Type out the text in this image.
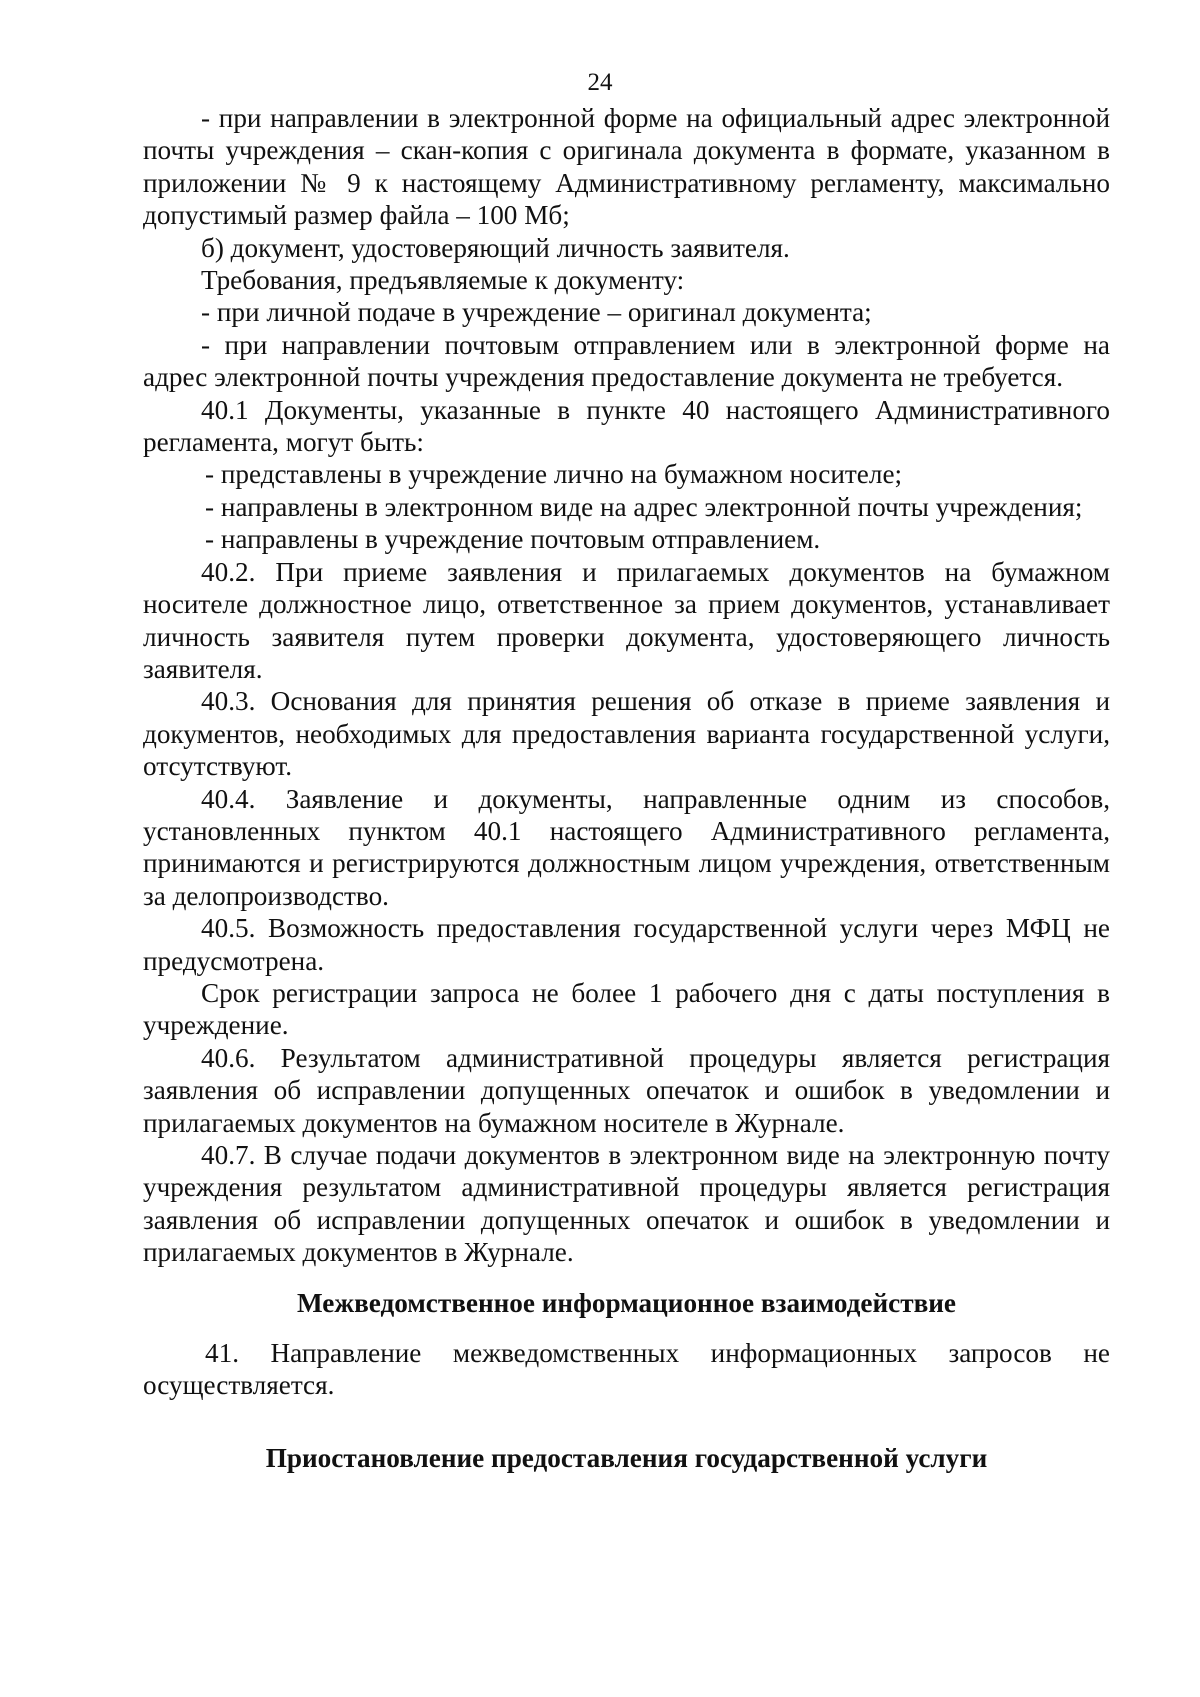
24

- при направлении в электронной форме на официальный адрес электронной почты учреждения – скан-копия с оригинала документа в формате, указанном в приложении № 9 к настоящему Административному регламенту, максимально допустимый размер файла – 100 Мб;

б) документ, удостоверяющий личность заявителя.

Требования, предъявляемые к документу:

- при личной подаче в учреждение – оригинал документа;

- при направлении почтовым отправлением или в электронной форме на адрес электронной почты учреждения предоставление документа не требуется.

40.1 Документы, указанные в пункте 40 настоящего Административного регламента, могут быть:

- представлены в учреждение лично на бумажном носителе;

- направлены в электронном виде на адрес электронной почты учреждения;

- направлены в учреждение почтовым отправлением.

40.2. При приеме заявления и прилагаемых документов на бумажном носителе должностное лицо, ответственное за прием документов, устанавливает личность заявителя путем проверки документа, удостоверяющего личность заявителя.

40.3. Основания для принятия решения об отказе в приеме заявления и документов, необходимых для предоставления варианта государственной услуги, отсутствуют.

40.4. Заявление и документы, направленные одним из способов, установленных пунктом 40.1 настоящего Административного регламента, принимаются и регистрируются должностным лицом учреждения, ответственным за делопроизводство.

40.5. Возможность предоставления государственной услуги через МФЦ не предусмотрена.

Срок регистрации запроса не более 1 рабочего дня с даты поступления в учреждение.

40.6. Результатом административной процедуры является регистрация заявления об исправлении допущенных опечаток и ошибок в уведомлении и прилагаемых документов на бумажном носителе в Журнале.

40.7. В случае подачи документов в электронном виде на электронную почту учреждения результатом административной процедуры является регистрация заявления об исправлении допущенных опечаток и ошибок в уведомлении и прилагаемых документов в Журнале.

Межведомственное информационное взаимодействие

41. Направление межведомственных информационных запросов не осуществляется.

Приостановление предоставления государственной услуги
